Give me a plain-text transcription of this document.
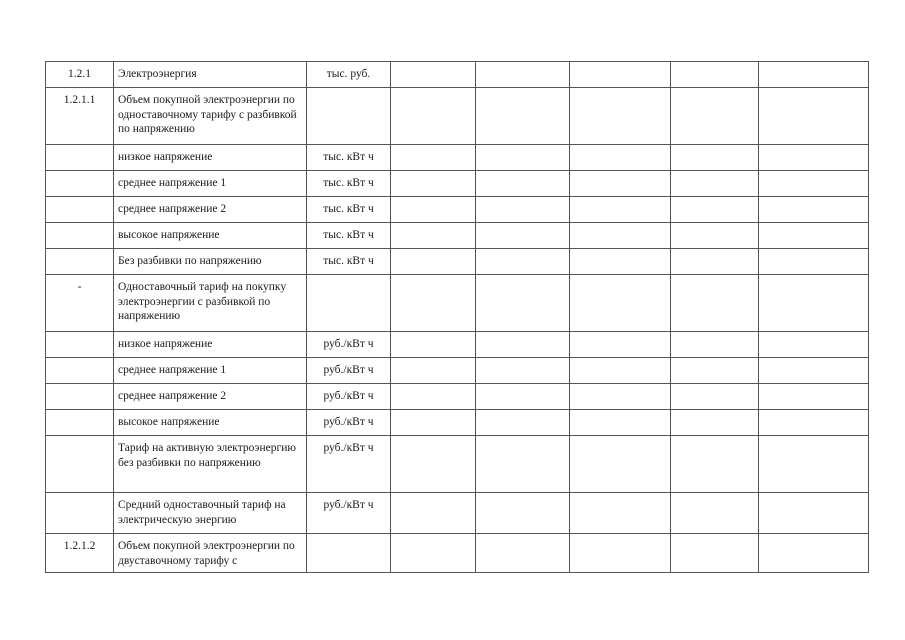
1.2.1	Электроэнергия	тыс. руб.					
1.2.1.1	Объем покупной электроэнергии по одноставочному тарифу с разбивкой по напряжению						
	низкое напряжение	тыс. кВт ч					
	среднее напряжение 1	тыс. кВт ч					
	среднее напряжение 2	тыс. кВт ч					
	высокое напряжение	тыс. кВт ч					
	Без разбивки по напряжению	тыс. кВт ч					
-	Одноставочный тариф на покупку электроэнергии с разбивкой по напряжению						
	низкое напряжение	руб./кВт ч					
	среднее напряжение 1	руб./кВт ч					
	среднее напряжение 2	руб./кВт ч					
	высокое напряжение	руб./кВт ч					
	Тариф на активную электроэнергию без разбивки по напряжению	руб./кВт ч					
	Средний одноставочный тариф на электрическую энергию	руб./кВт ч					
1.2.1.2	Объем покупной электроэнергии по двуставочному тарифу с						
